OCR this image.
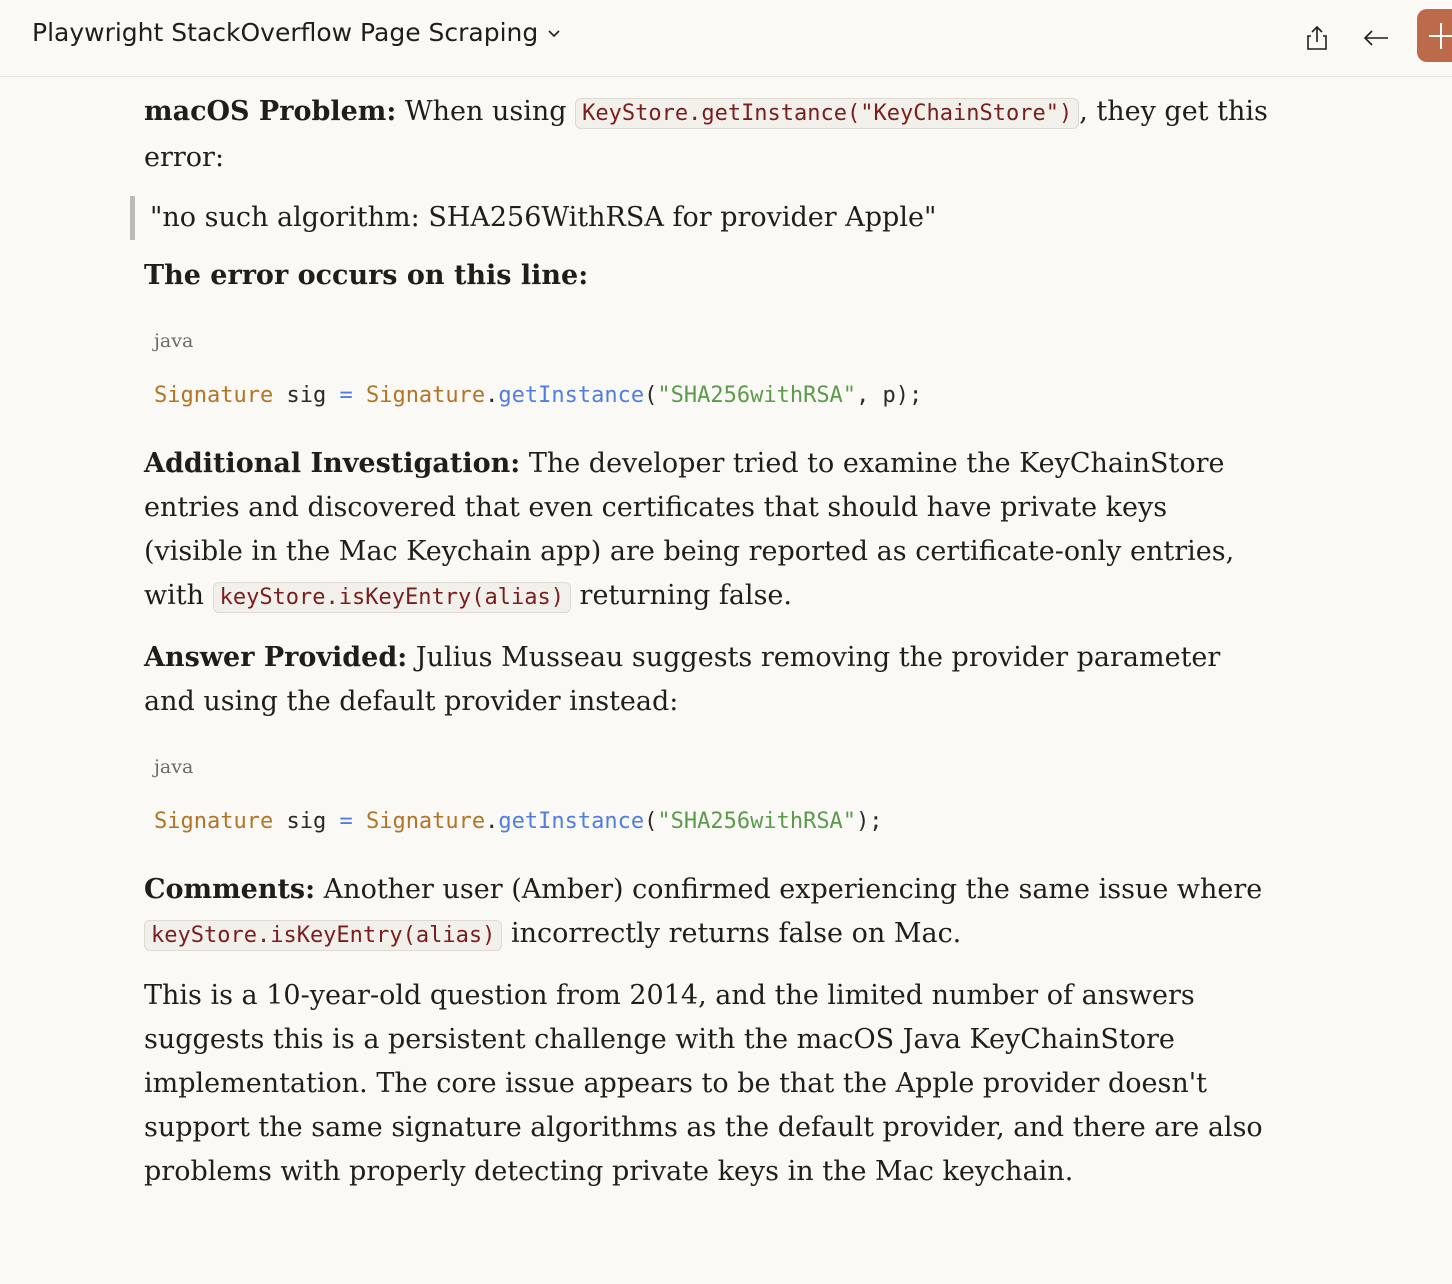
Playwright StackOverflow Page Scraping

macOS Problem: When using KeyStore.getInstance("KeyChainStore") , they get this error:

"no such algorithm: SHA256WithRSA for provider Apple"

The error occurs on this line:

java
Signature sig = Signature.getInstance("SHA256withRSA", p);

Additional Investigation: The developer tried to examine the KeyChainStore entries and discovered that even certificates that should have private keys (visible in the Mac Keychain app) are being reported as certificate-only entries, with keyStore.isKeyEntry(alias) returning false.

Answer Provided: Julius Musseau suggests removing the provider parameter and using the default provider instead:

java
Signature sig = Signature.getInstance("SHA256withRSA");

Comments: Another user (Amber) confirmed experiencing the same issue where keyStore.isKeyEntry(alias) incorrectly returns false on Mac.

This is a 10-year-old question from 2014, and the limited number of answers suggests this is a persistent challenge with the macOS Java KeyChainStore implementation. The core issue appears to be that the Apple provider doesn't support the same signature algorithms as the default provider, and there are also problems with properly detecting private keys in the Mac keychain.
